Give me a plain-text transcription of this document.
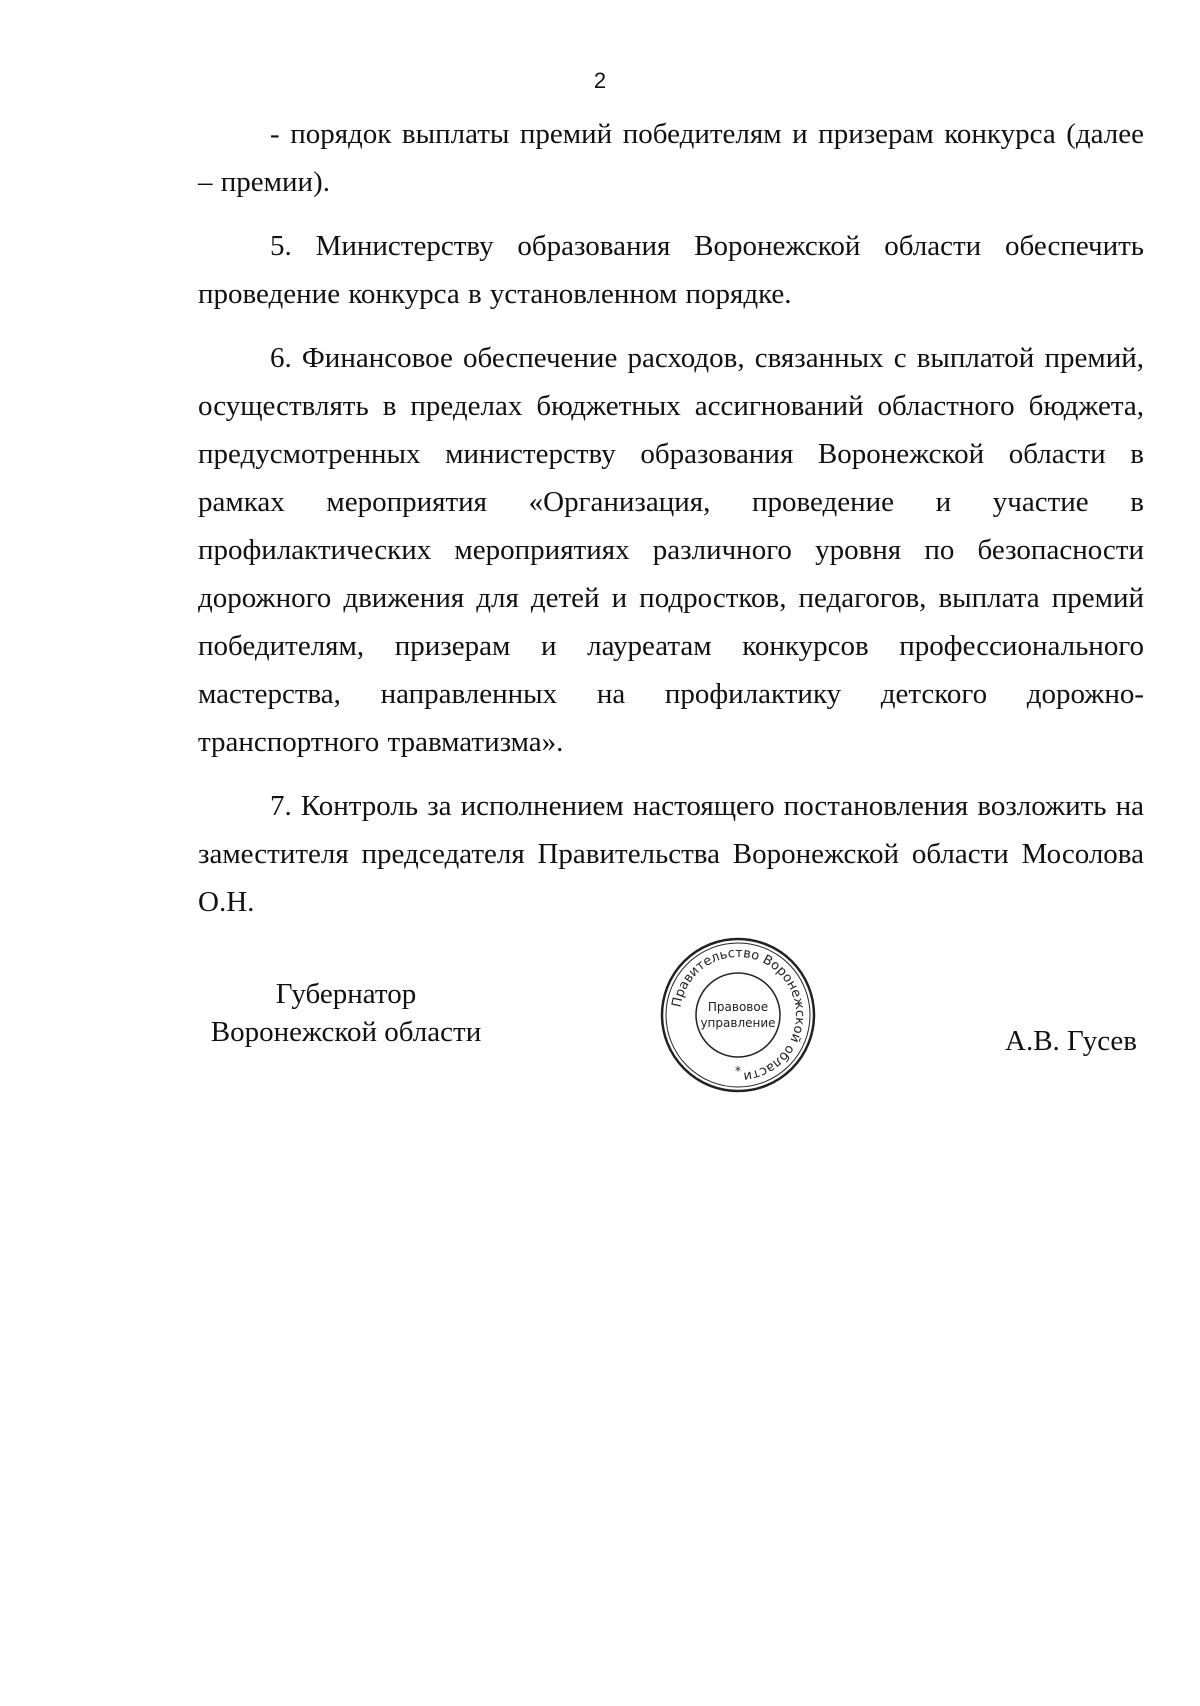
2

- порядок выплаты премий победителям и призерам конкурса (далее – премии).

5. Министерству образования Воронежской области обеспечить проведение конкурса в установленном порядке.

6. Финансовое обеспечение расходов, связанных с выплатой премий, осуществлять в пределах бюджетных ассигнований областного бюджета, предусмотренных министерству образования Воронежской области в рамках мероприятия «Организация, проведение и участие в профилактических мероприятиях различного уровня по безопасности дорожного движения для детей и подростков, педагогов, выплата премий победителям, призерам и лауреатам конкурсов профессионального мастерства, направленных на профилактику детского дорожно-транспортного травматизма».

7. Контроль за исполнением настоящего постановления возложить на заместителя председателя Правительства Воронежской области Мосолова О.Н.

Губернатор
Воронежской области
Правительство Воронежской области
Правовое
управление
*
А.В. Гусев
